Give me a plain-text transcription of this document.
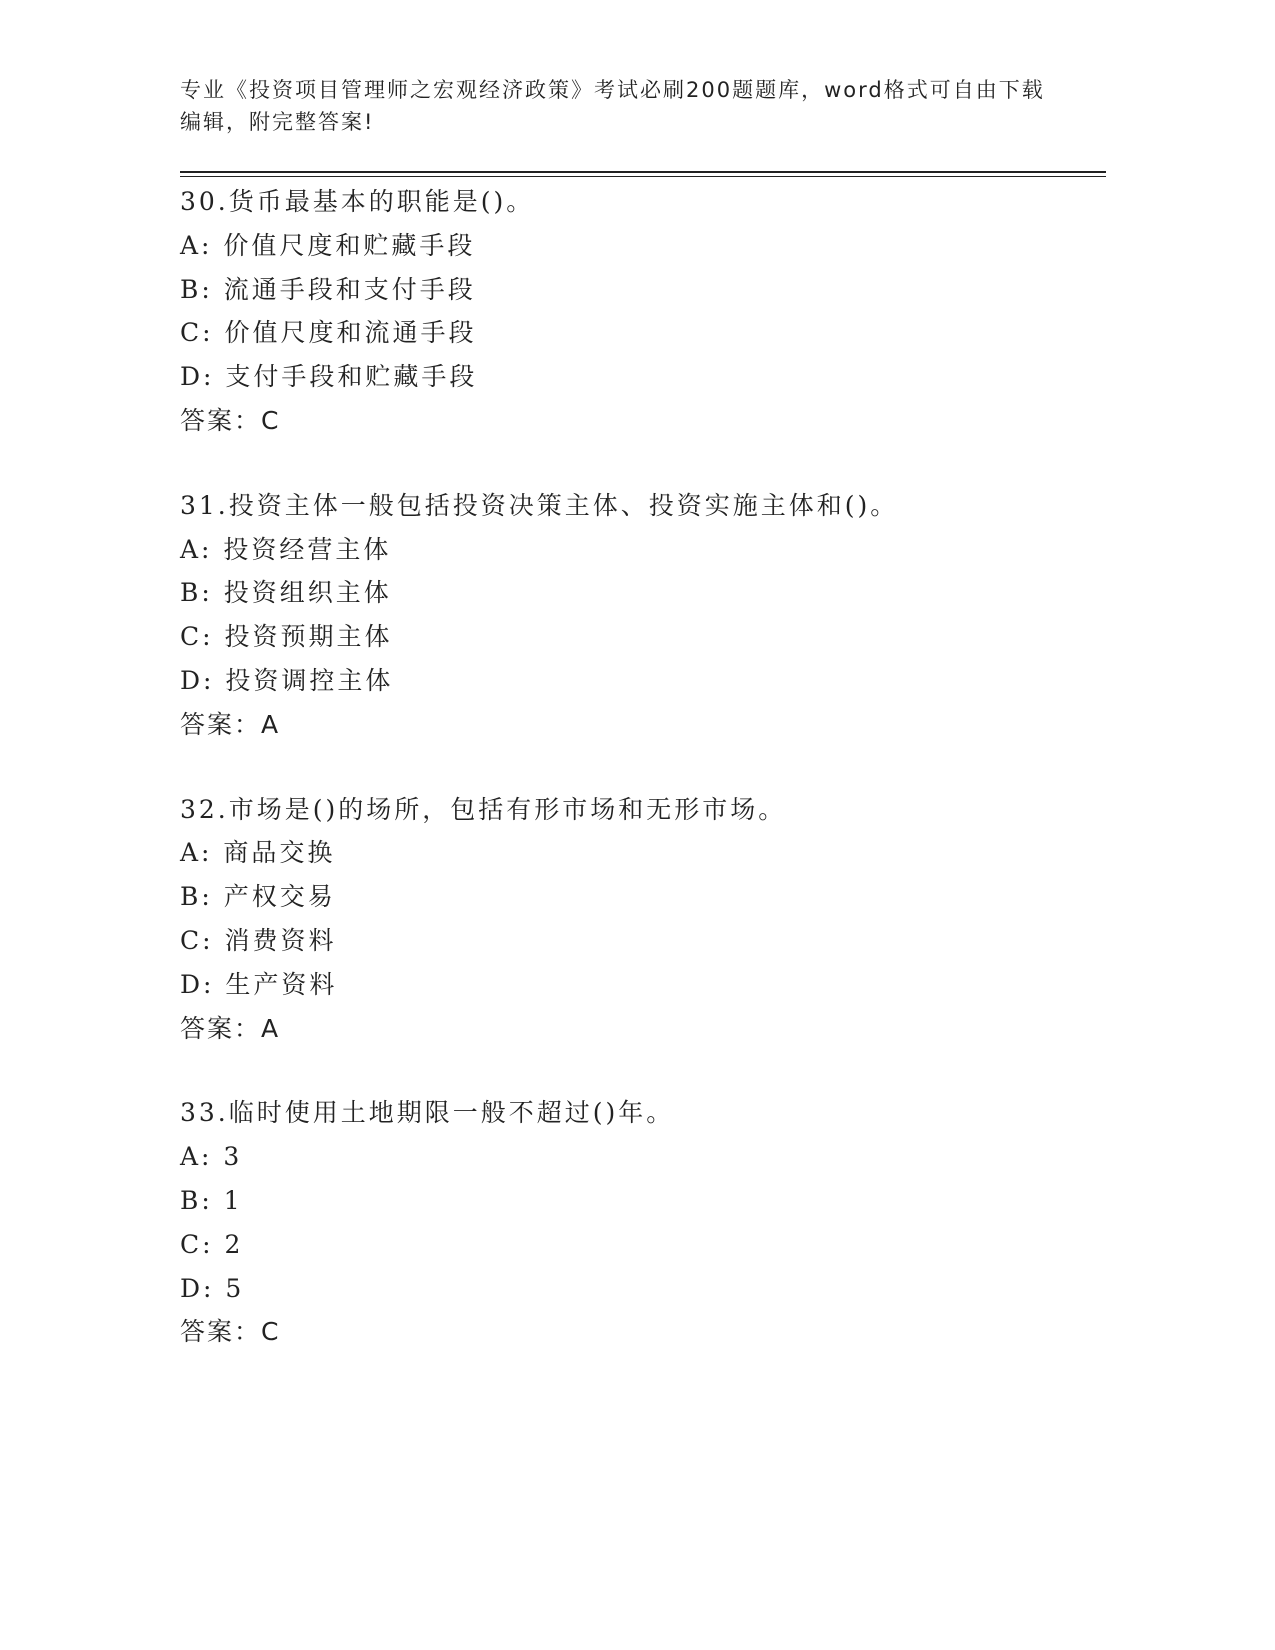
专业《投资项目管理师之宏观经济政策》考试必刷200题题库，word格式可自由下载编辑，附完整答案!
30.货币最基本的职能是()。
A: 价值尺度和贮藏手段
B: 流通手段和支付手段
C: 价值尺度和流通手段
D: 支付手段和贮藏手段
答案：C
31.投资主体一般包括投资决策主体、投资实施主体和()。
A: 投资经营主体
B: 投资组织主体
C: 投资预期主体
D: 投资调控主体
答案：A
32.市场是()的场所，包括有形市场和无形市场。
A: 商品交换
B: 产权交易
C: 消费资料
D: 生产资料
答案：A
33.临时使用土地期限一般不超过()年。
A: 3
B: 1
C: 2
D: 5
答案：C
